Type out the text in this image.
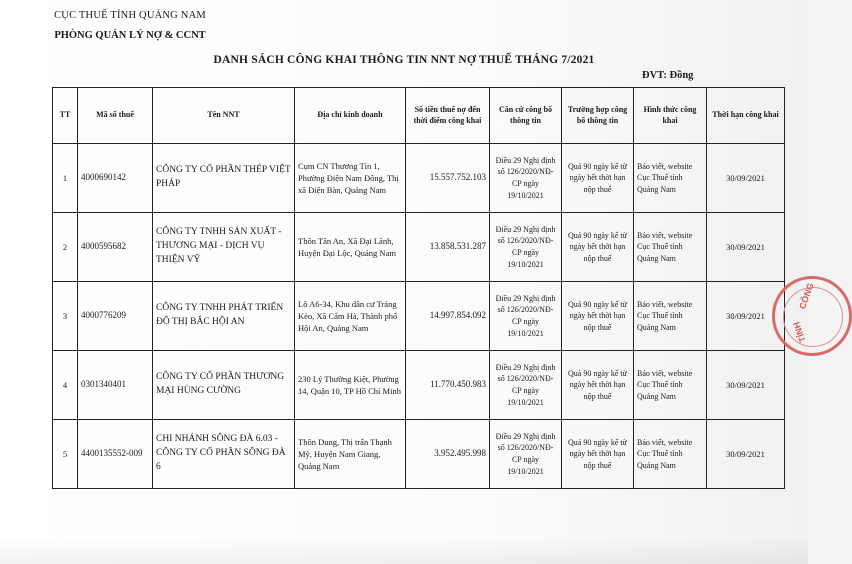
CỤC THUẾ TỈNH QUẢNG NAM
PHÒNG QUẢN LÝ NỢ & CCNT
DANH SÁCH CÔNG KHAI THÔNG TIN NNT NỢ THUẾ THÁNG 7/2021
ĐVT: Đồng
TT	Mã số thuế	Tên NNT	Địa chỉ kinh doanh	Số tiền thuế nợ đến thời điểm công khai	Căn cứ công bố thông tin	Trường hợp công bố thông tin	Hình thức công khai	Thời hạn công khai
1	4000690142	CÔNG TY CỔ PHẦN THÉP VIỆT PHÁP	Cụm CN Thương Tín 1, Phường Điện Nam Đông, Thị xã Điện Bàn, Quảng Nam	15.557.752.103	Điều 29 Nghị định số 126/2020/NĐ-CP ngày 19/10/2021	Quá 90 ngày kể từ ngày hết thời hạn nộp thuế	Báo viết, website Cục Thuế tỉnh Quảng Nam	30/09/2021
2	4000595682	CÔNG TY TNHH SẢN XUẤT - THƯƠNG MẠI - DỊCH VỤ THIỆN VỸ	Thôn Tân An, Xã Đại Lãnh, Huyện Đại Lộc, Quảng Nam	13.858.531.287	Điều 29 Nghị định số 126/2020/NĐ-CP ngày 19/10/2021	Quá 90 ngày kể từ ngày hết thời hạn nộp thuế	Báo viết, website Cục Thuế tỉnh Quảng Nam	30/09/2021
3	4000776209	CÔNG TY TNHH PHÁT TRIỂN ĐÔ THỊ BẮC HỘI AN	Lô A6-34, Khu dân cư Trảng Kèo, Xã Cẩm Hà, Thành phố Hội An, Quảng Nam	14.997.854.092	Điều 29 Nghị định số 126/2020/NĐ-CP ngày 19/10/2021	Quá 90 ngày kể từ ngày hết thời hạn nộp thuế	Báo viết, website Cục Thuế tỉnh Quảng Nam	30/09/2021
4	0301340401	CÔNG TY CỔ PHẦN THƯƠNG MẠI HÙNG CƯỜNG	230 Lý Thường Kiệt, Phường 14, Quận 10, TP Hồ Chí Minh	11.770.450.983	Điều 29 Nghị định số 126/2020/NĐ-CP ngày 19/10/2021	Quá 90 ngày kể từ ngày hết thời hạn nộp thuế	Báo viết, website Cục Thuế tỉnh Quảng Nam	30/09/2021
5	4400135552-009	CHI NHÁNH SÔNG ĐÀ 6.03 - CÔNG TY CỔ PHẦN SÔNG ĐÀ 6	Thôn Dung, Thị trấn Thạnh Mỹ, Huyện Nam Giang, Quảng Nam	3.952.495.998	Điều 29 Nghị định số 126/2020/NĐ-CP ngày 19/10/2021	Quá 90 ngày kể từ ngày hết thời hạn nộp thuế	Báo viết, website Cục Thuế tỉnh Quảng Nam	30/09/2021
CÔNG
TỈNH
